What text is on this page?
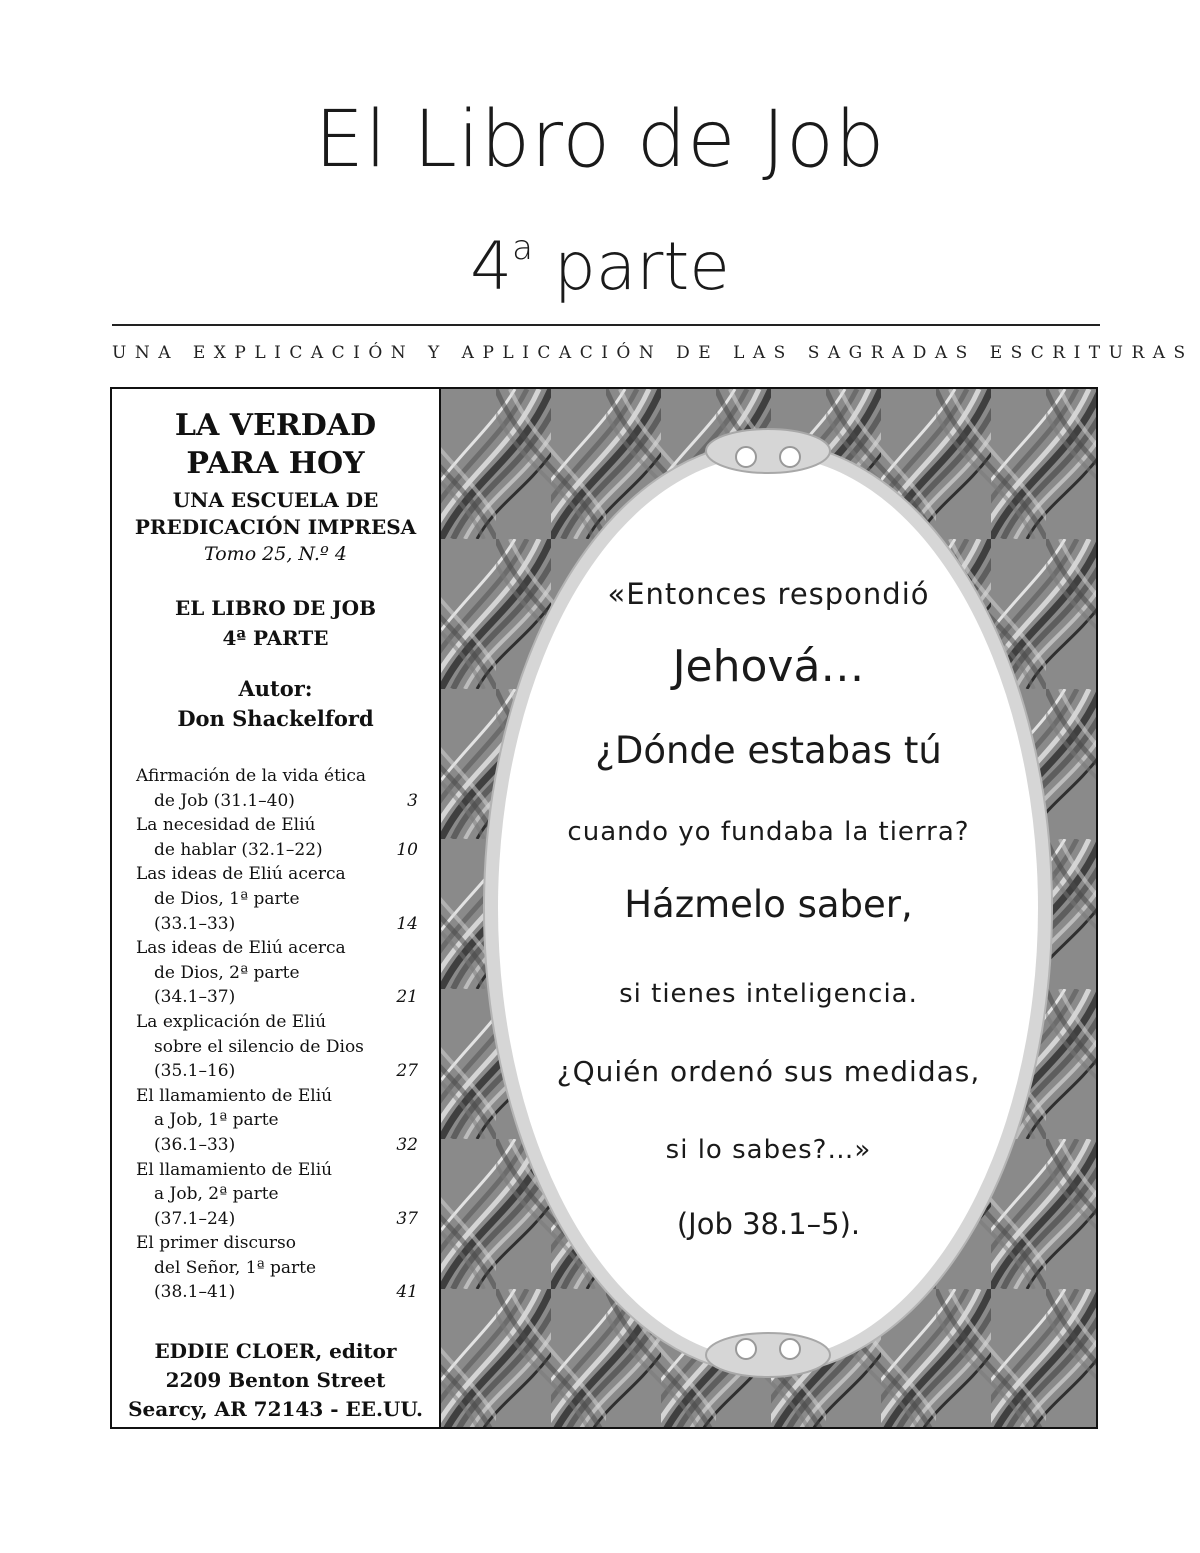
El Libro de Job
4$^a$ parte
UNA EXPLICACIÓN Y APLICACIÓN DE LAS SAGRADAS ESCRITURAS
LA VERDAD
PARA HOY
UNA ESCUELA DE
PREDICACIÓN IMPRESA
Tomo 25, N.º 4
EL LIBRO DE JOB
4ª PARTE
Autor:
Don Shackelford
Afirmación de la vida ética
de Job (31.1–40)	3
La necesidad de Eliú
de hablar (32.1–22)	10
Las ideas de Eliú acerca
de Dios, 1ª parte
(33.1–33)	14
Las ideas de Eliú acerca
de Dios, 2ª parte
(34.1–37)	21
La explicación de Eliú
sobre el silencio de Dios
(35.1–16)	27
El llamamiento de Eliú
a Job, 1ª parte
(36.1–33)	32
El llamamiento de Eliú
a Job, 2ª parte
(37.1–24)	37
El primer discurso
del Señor, 1ª parte
(38.1–41)	41
EDDIE CLOER, editor
2209 Benton Street
Searcy, AR 72143 - EE.UU.
«Entonces respondió
Jehová…
¿Dónde estabas tú
cuando yo fundaba la tierra?
Házmelo saber,
si tienes inteligencia.
¿Quién ordenó sus medidas,
si lo sabes?…»
(Job 38.1–5).
